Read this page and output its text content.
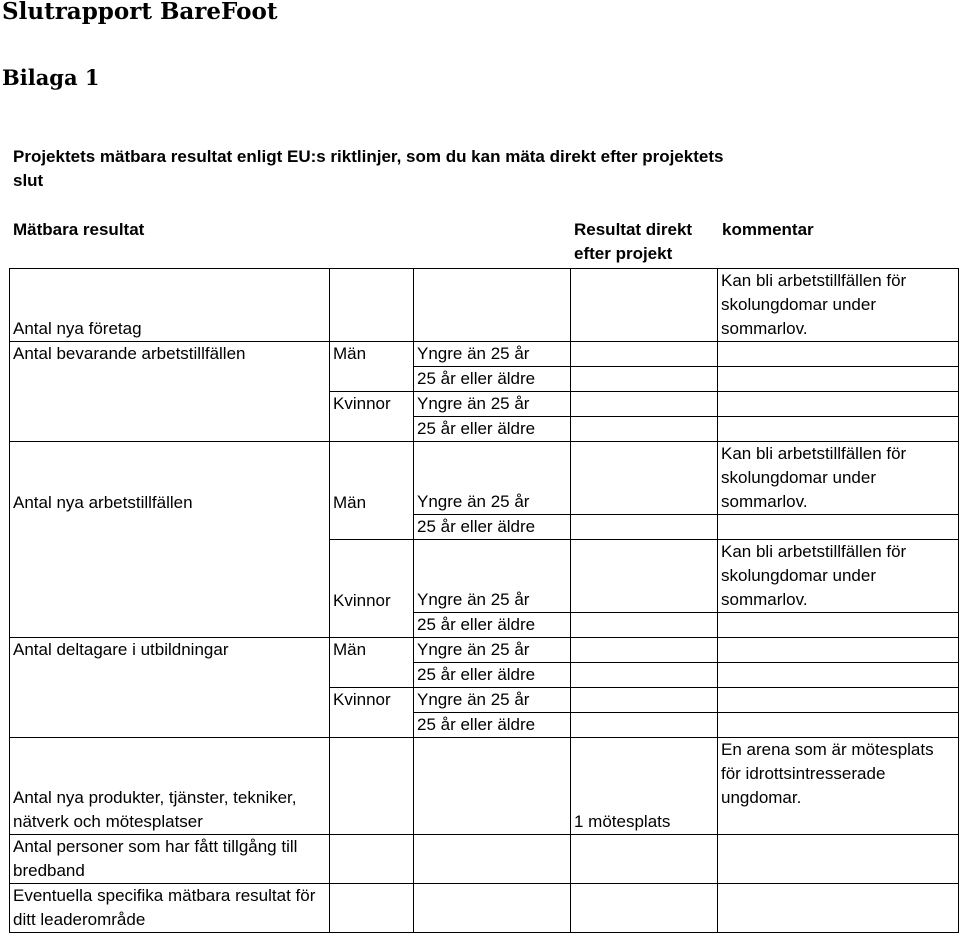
Slutrapport BareFoot
Bilaga 1

Projektets mätbara resultat enligt EU:s riktlinjer, som du kan mäta direkt efter projektets slut

Mätbara resultat	Resultat direkt efter projekt

kommentar

Antal nya företag				Kan bli arbetstillfällen för skolungdomar under sommarlov.
Antal bevarande arbetstillfällen	Män	Yngre än 25 år		
		25 år eller äldre		
	Kvinnor	Yngre än 25 år		
		25 år eller äldre		
Antal nya arbetstillfällen	Män	Yngre än 25 år		Kan bli arbetstillfällen för skolungdomar under sommarlov.
		25 år eller äldre		
	Kvinnor	Yngre än 25 år		Kan bli arbetstillfällen för skolungdomar under sommarlov.
		25 år eller äldre		
Antal deltagare i utbildningar	Män	Yngre än 25 år		
		25 år eller äldre		
	Kvinnor	Yngre än 25 år		
		25 år eller äldre		
Antal nya produkter, tjänster, tekniker, nätverk och mötesplatser			1 mötesplats	En arena som är mötesplats för idrottsintresserade ungdomar.
Antal personer som har fått tillgång till bredband				
Eventuella specifika mätbara resultat för ditt leaderområde				
